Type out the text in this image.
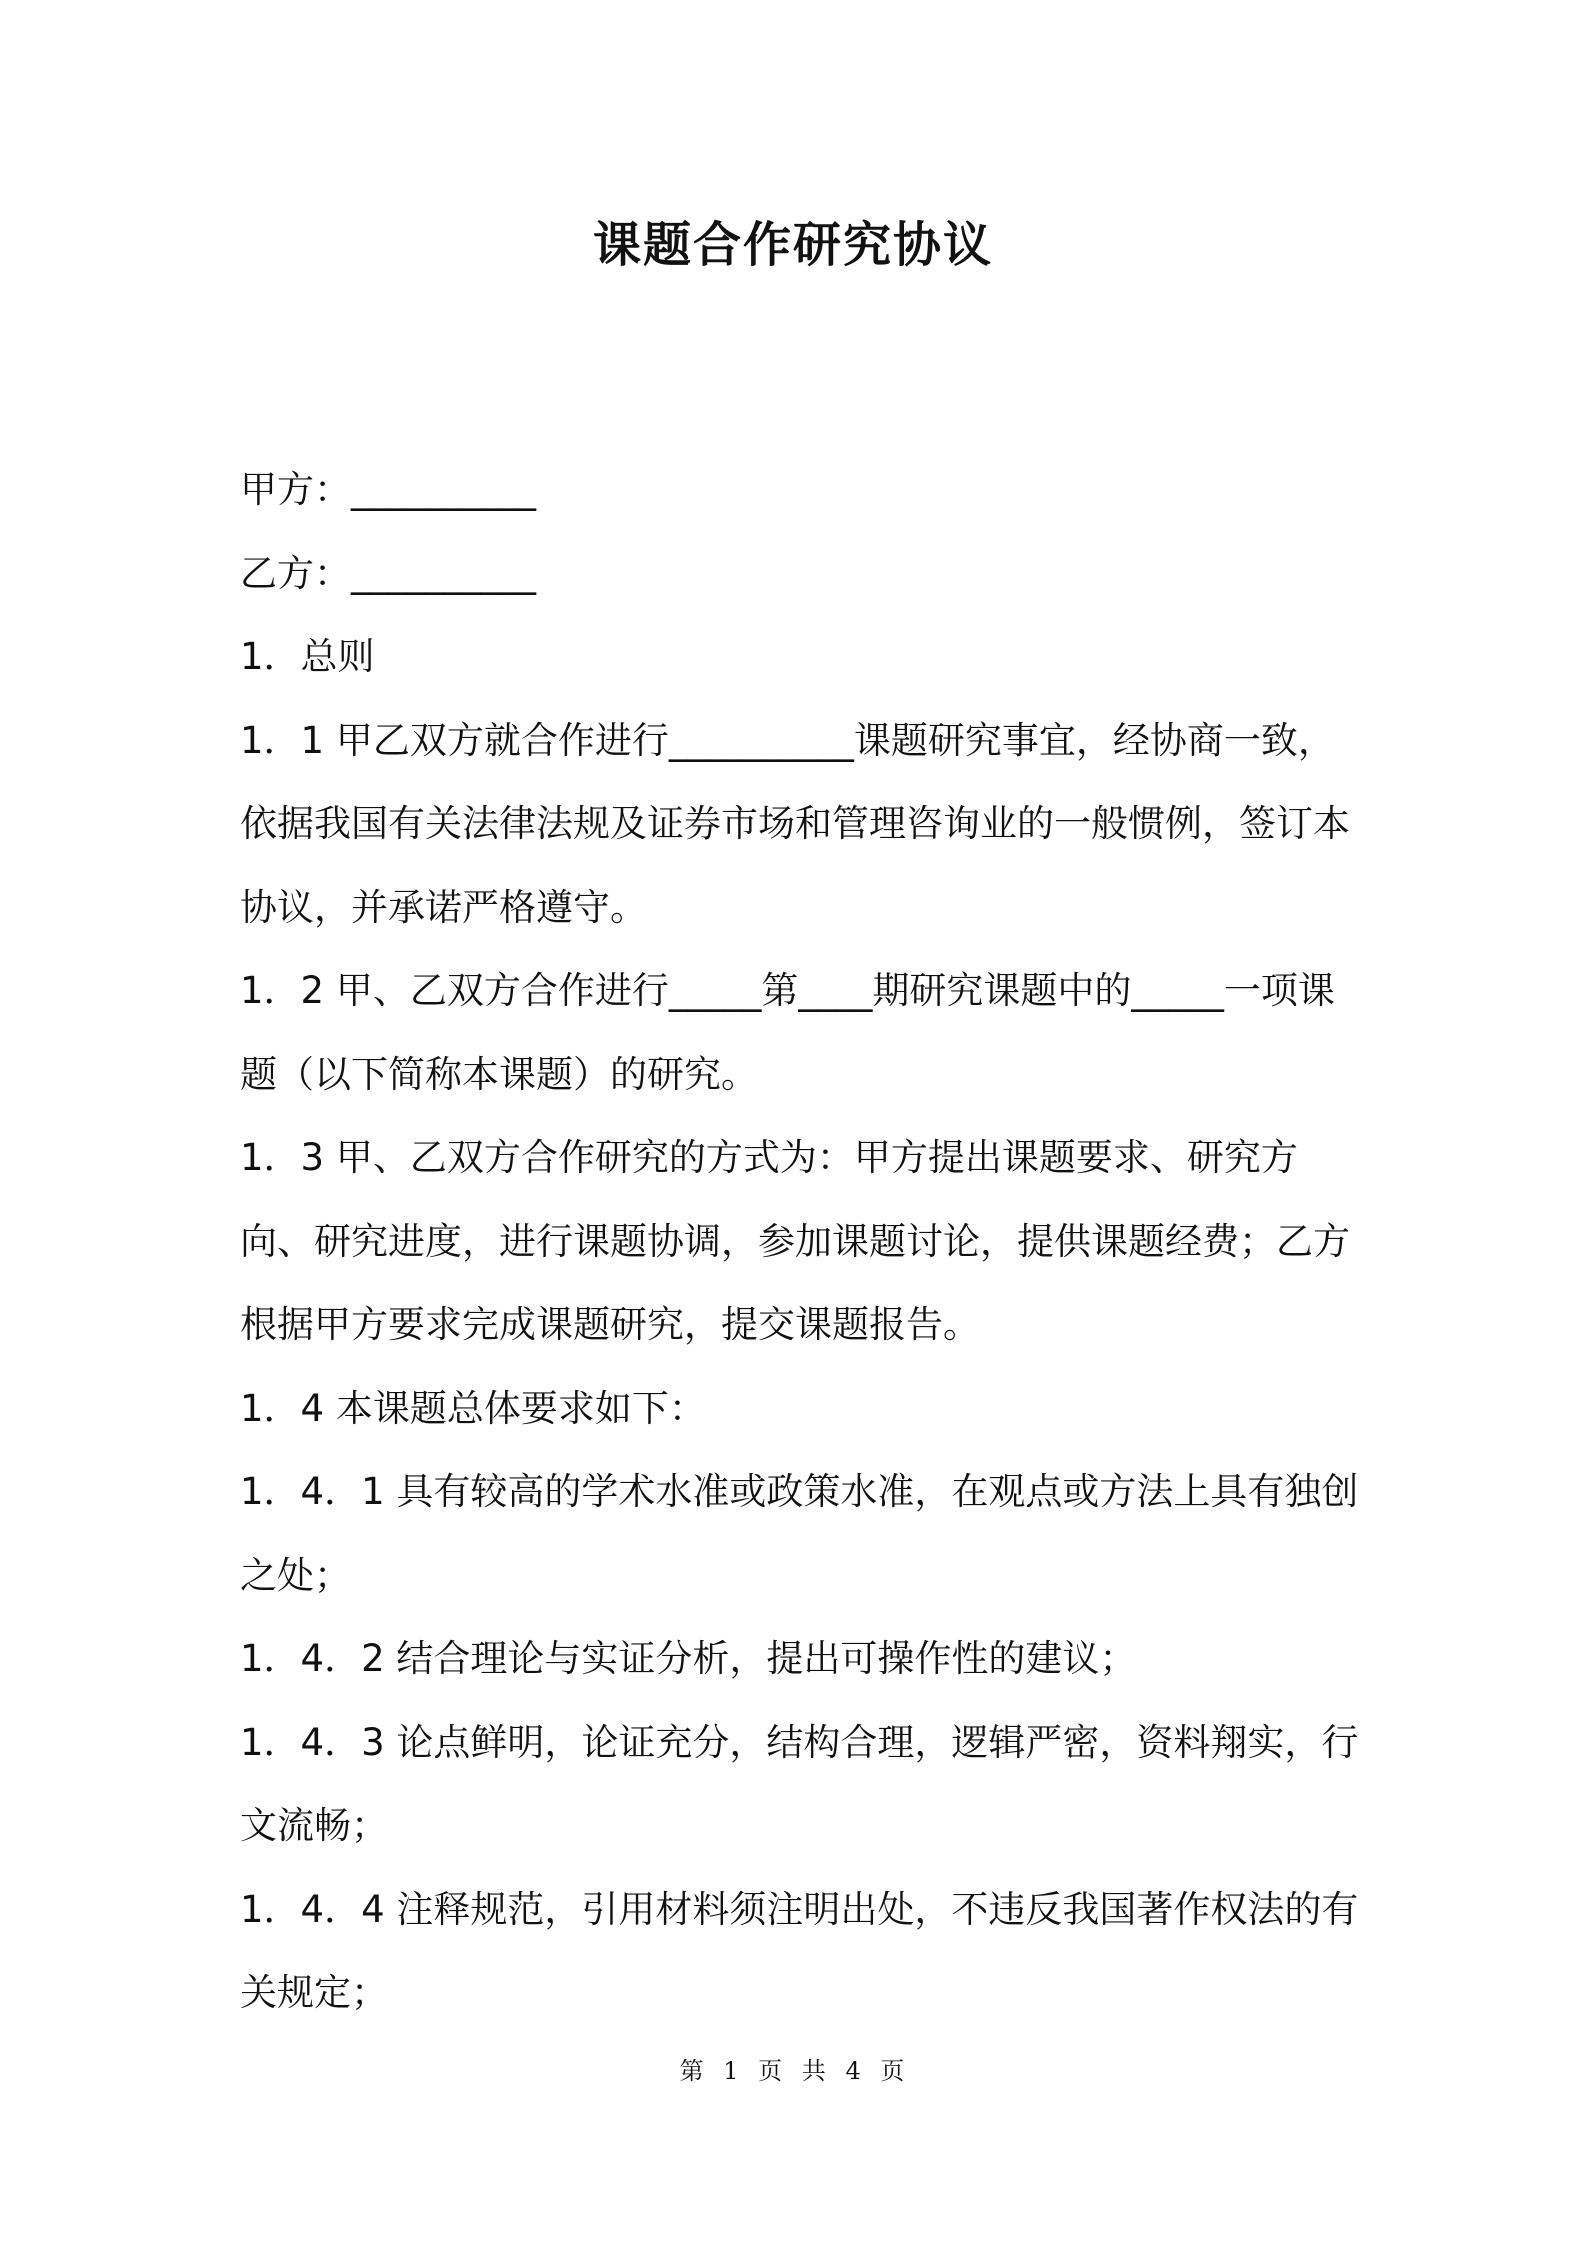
课题合作研究协议

甲方：__________

乙方：__________

1．总则

1．1 甲乙双方就合作进行__________课题研究事宜，经协商一致，依据我国有关法律法规及证券市场和管理咨询业的一般惯例，签订本协议，并承诺严格遵守。

1．2 甲、乙双方合作进行_____第____期研究课题中的_____一项课题（以下简称本课题）的研究。

1．3 甲、乙双方合作研究的方式为：甲方提出课题要求、研究方向、研究进度，进行课题协调，参加课题讨论，提供课题经费；乙方根据甲方要求完成课题研究，提交课题报告。

1．4 本课题总体要求如下：

1．4．1 具有较高的学术水准或政策水准，在观点或方法上具有独创之处；

1．4．2 结合理论与实证分析，提出可操作性的建议；

1．4．3 论点鲜明，论证充分，结构合理，逻辑严密，资料翔实，行文流畅；

1．4．4 注释规范，引用材料须注明出处，不违反我国著作权法的有关规定；

第 1 页 共 4 页
